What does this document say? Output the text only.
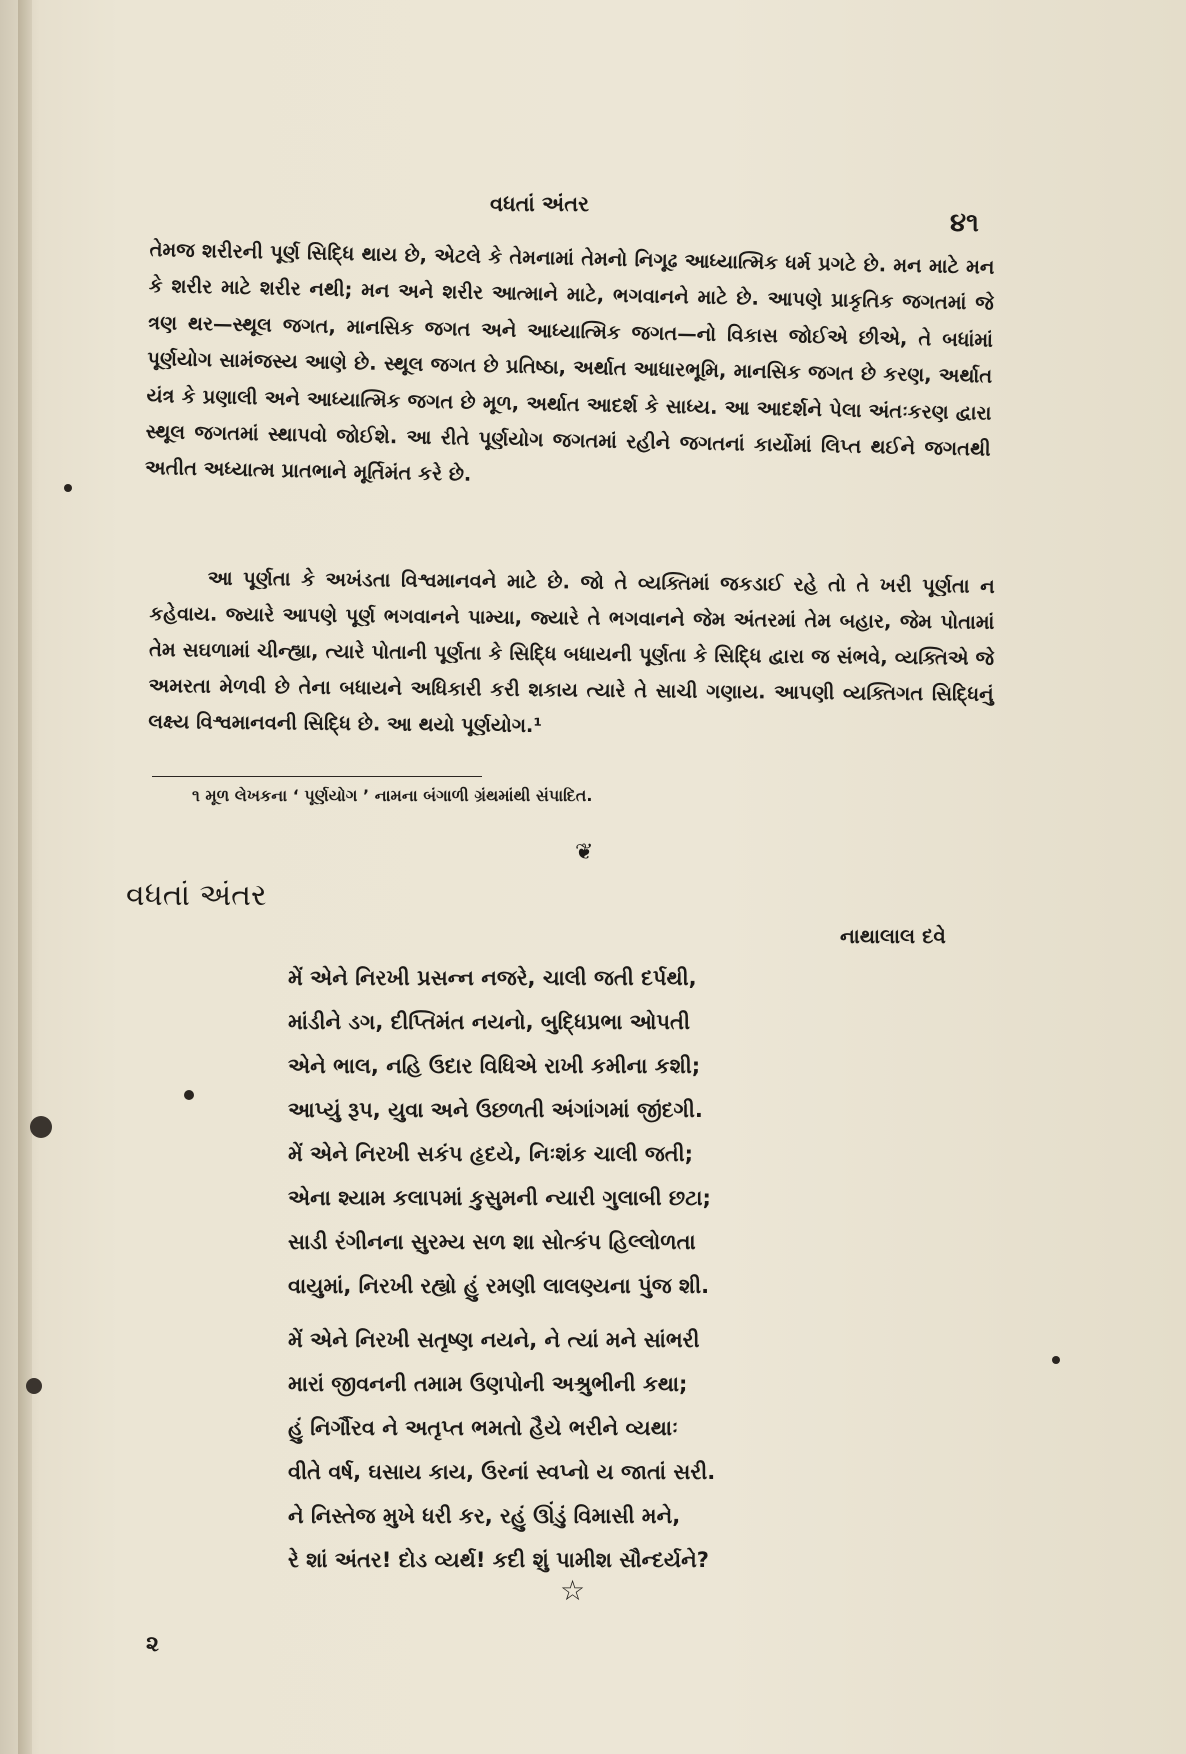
વધતાં અંતર
૪૧

તેમજ શરીરની પૂર્ણ સિદ્ધિ થાય છે, એટલે કે તેમનામાં તેમનો નિગૂઢ આધ્યાત્મિક ધર્મ પ્રગટે છે. મન માટે મન કે શરીર માટે શરીર નથી; મન અને શરીર આત્માને માટે, ભગવાનને માટે છે. આપણે પ્રાકૃતિક જગતમાં જે ત્રણ થર—સ્થૂલ જગત, માનસિક જગત અને આધ્યાત્મિક જગત—નો વિકાસ જોઈએ છીએ, તે બધાંમાં પૂર્ણયોગ સામંજસ્ય આણે છે. સ્થૂલ જગત છે પ્રતિષ્ઠા, અર્થાત આધારભૂમિ, માનસિક જગત છે કરણ, અર્થાત યંત્ર કે પ્રણાલી અને આધ્યાત્મિક જગત છે મૂળ, અર્થાત આદર્શ કે સાધ્ય. આ આદર્શને પેલા અંતઃકરણ દ્વારા સ્થૂલ જગતમાં સ્થાપવો જોઈશે. આ રીતે પૂર્ણયોગ જગતમાં રહીને જગતનાં કાર્યોમાં લિપ્ત થઈને જગતથી અતીત અધ્યાત્મ પ્રાતભાને મૂર્તિમંત કરે છે.

આ પૂર્ણતા કે અખંડતા વિશ્વમાનવને માટે છે. જો તે વ્યક્તિમાં જકડાઈ રહે તો તે ખરી પૂર્ણતા ન કહેવાય. જ્યારે આપણે પૂર્ણ ભગવાનને પામ્યા, જ્યારે તે ભગવાનને જેમ અંતરમાં તેમ બહાર, જેમ પોતામાં તેમ સઘળામાં ચીન્હ્યા, ત્યારે પોતાની પૂર્ણતા કે સિદ્ધિ બધાયની પૂર્ણતા કે સિદ્ધિ દ્વારા જ સંભવે, વ્યક્તિએ જે અમરતા મેળવી છે તેના બધાયને અધિકારી કરી શકાય ત્યારે તે સાચી ગણાય. આપણી વ્યક્તિગત સિદ્ધિનું લક્ષ્ય વિશ્વમાનવની સિદ્ધિ છે. આ થયો પૂર્ણયોગ.¹

૧ મૂળ લેખકના ‘ પૂર્ણયોગ ’ નામના બંગાળી ગ્રંથમાંથી સંપાદિત.
❦
વધતાં અંતર
નાથાલાલ દવે
મેં એને નિરખી પ્રસન્ન નજરે, ચાલી જતી દર્પથી,
માંડીને ડગ, દીપ્તિમંત નયનો, બુદ્ધિપ્રભા ઓપતી
એને ભાલ, નહિ ઉદાર વિધિએ રાખી કમીના કશી;
આપ્યું રૂપ, યુવા અને ઉછળતી અંગાંગમાં જીંદગી.
મેં એને નિરખી સકંપ હૃદયે, નિઃશંક ચાલી જતી;
એના શ્યામ કલાપમાં કુસુમની ન્યારી ગુલાબી છટા;
સાડી રંગીનના સુરમ્ય સળ શા સોત્કંપ હિલ્લોળતા
વાયુમાં, નિરખી રહ્યો હું રમણી લાલણ્યના પુંજ શી.
મેં એને નિરખી સતૃષ્ણ નયને, ને ત્યાં મને સાંભરી
મારાં જીવનની તમામ ઉણપોની અશ્રુભીની કથા;
હું નિર્ગૌરવ ને અતૃપ્ત ભમતો હૈયે ભરીને વ્યથાઃ
વીતે વર્ષ, ઘસાય કાય, ઉરનાં સ્વપ્નો ય જાતાં સરી.
ને નિસ્તેજ મુખે ધરી કર, રહું ઊંડું વિમાસી મને,
રે શાં અંતર! દોડ વ્યર્થ! કદી શું પામીશ સૌન્દર્યને?
☆
૨
